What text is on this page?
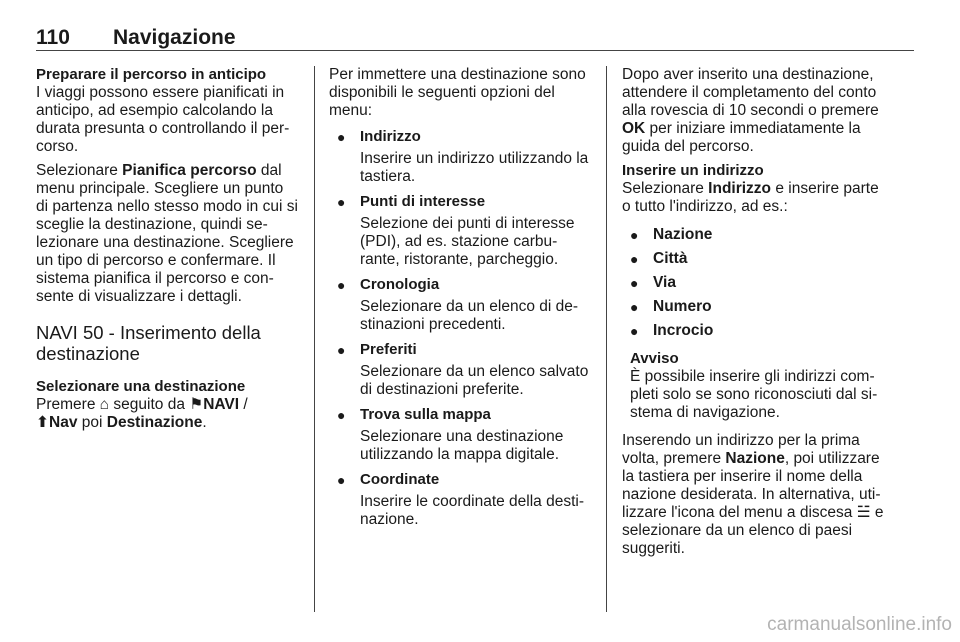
110 Navigazione
Preparare il percorso in anticipo

I viaggi possono essere pianificati in anticipo, ad esempio calcolando la durata presunta o controllando il per-corso.

Selezionare Pianifica percorso dal menu principale. Scegliere un punto di partenza nello stesso modo in cui si sceglie la destinazione, quindi se-lezionare una destinazione. Scegliere un tipo di percorso e confermare. Il sistema pianifica il percorso e con-sente di visualizzare i dettagli.

NAVI 50 - Inserimento della destinazione
Selezionare una destinazione

Premere ⌂ seguito da ⚑NAVI /
⬆Nav poi Destinazione.

Per immettere una destinazione sono disponibili le seguenti opzioni del menu:

● Indirizzo
Inserire un indirizzo utilizzando la tastiera.
● Punti di interesse
Selezione dei punti di interesse (PDI), ad es. stazione carbu-rante, ristorante, parcheggio.
● Cronologia
Selezionare da un elenco di de-stinazioni precedenti.
● Preferiti
Selezionare da un elenco salvato di destinazioni preferite.
● Trova sulla mappa
Selezionare una destinazione utilizzando la mappa digitale.
● Coordinate
Inserire le coordinate della desti-nazione.

Dopo aver inserito una destinazione, attendere il completamento del conto alla rovescia di 10 secondi o premere OK per iniziare immediatamente la guida del percorso.

Inserire un indirizzo

Selezionare Indirizzo e inserire parte o tutto l'indirizzo, ad es.:

● Nazione
● Città
● Via
● Numero
● Incrocio
Avviso
È possibile inserire gli indirizzi com-pleti solo se sono riconosciuti dal si-stema di navigazione.

Inserendo un indirizzo per la prima volta, premere Nazione, poi utilizzare la tastiera per inserire il nome della nazione desiderata. In alternativa, uti-lizzare l'icona del menu a discesa ☱ e selezionare da un elenco di paesi suggeriti.

carmanualsonline.info
